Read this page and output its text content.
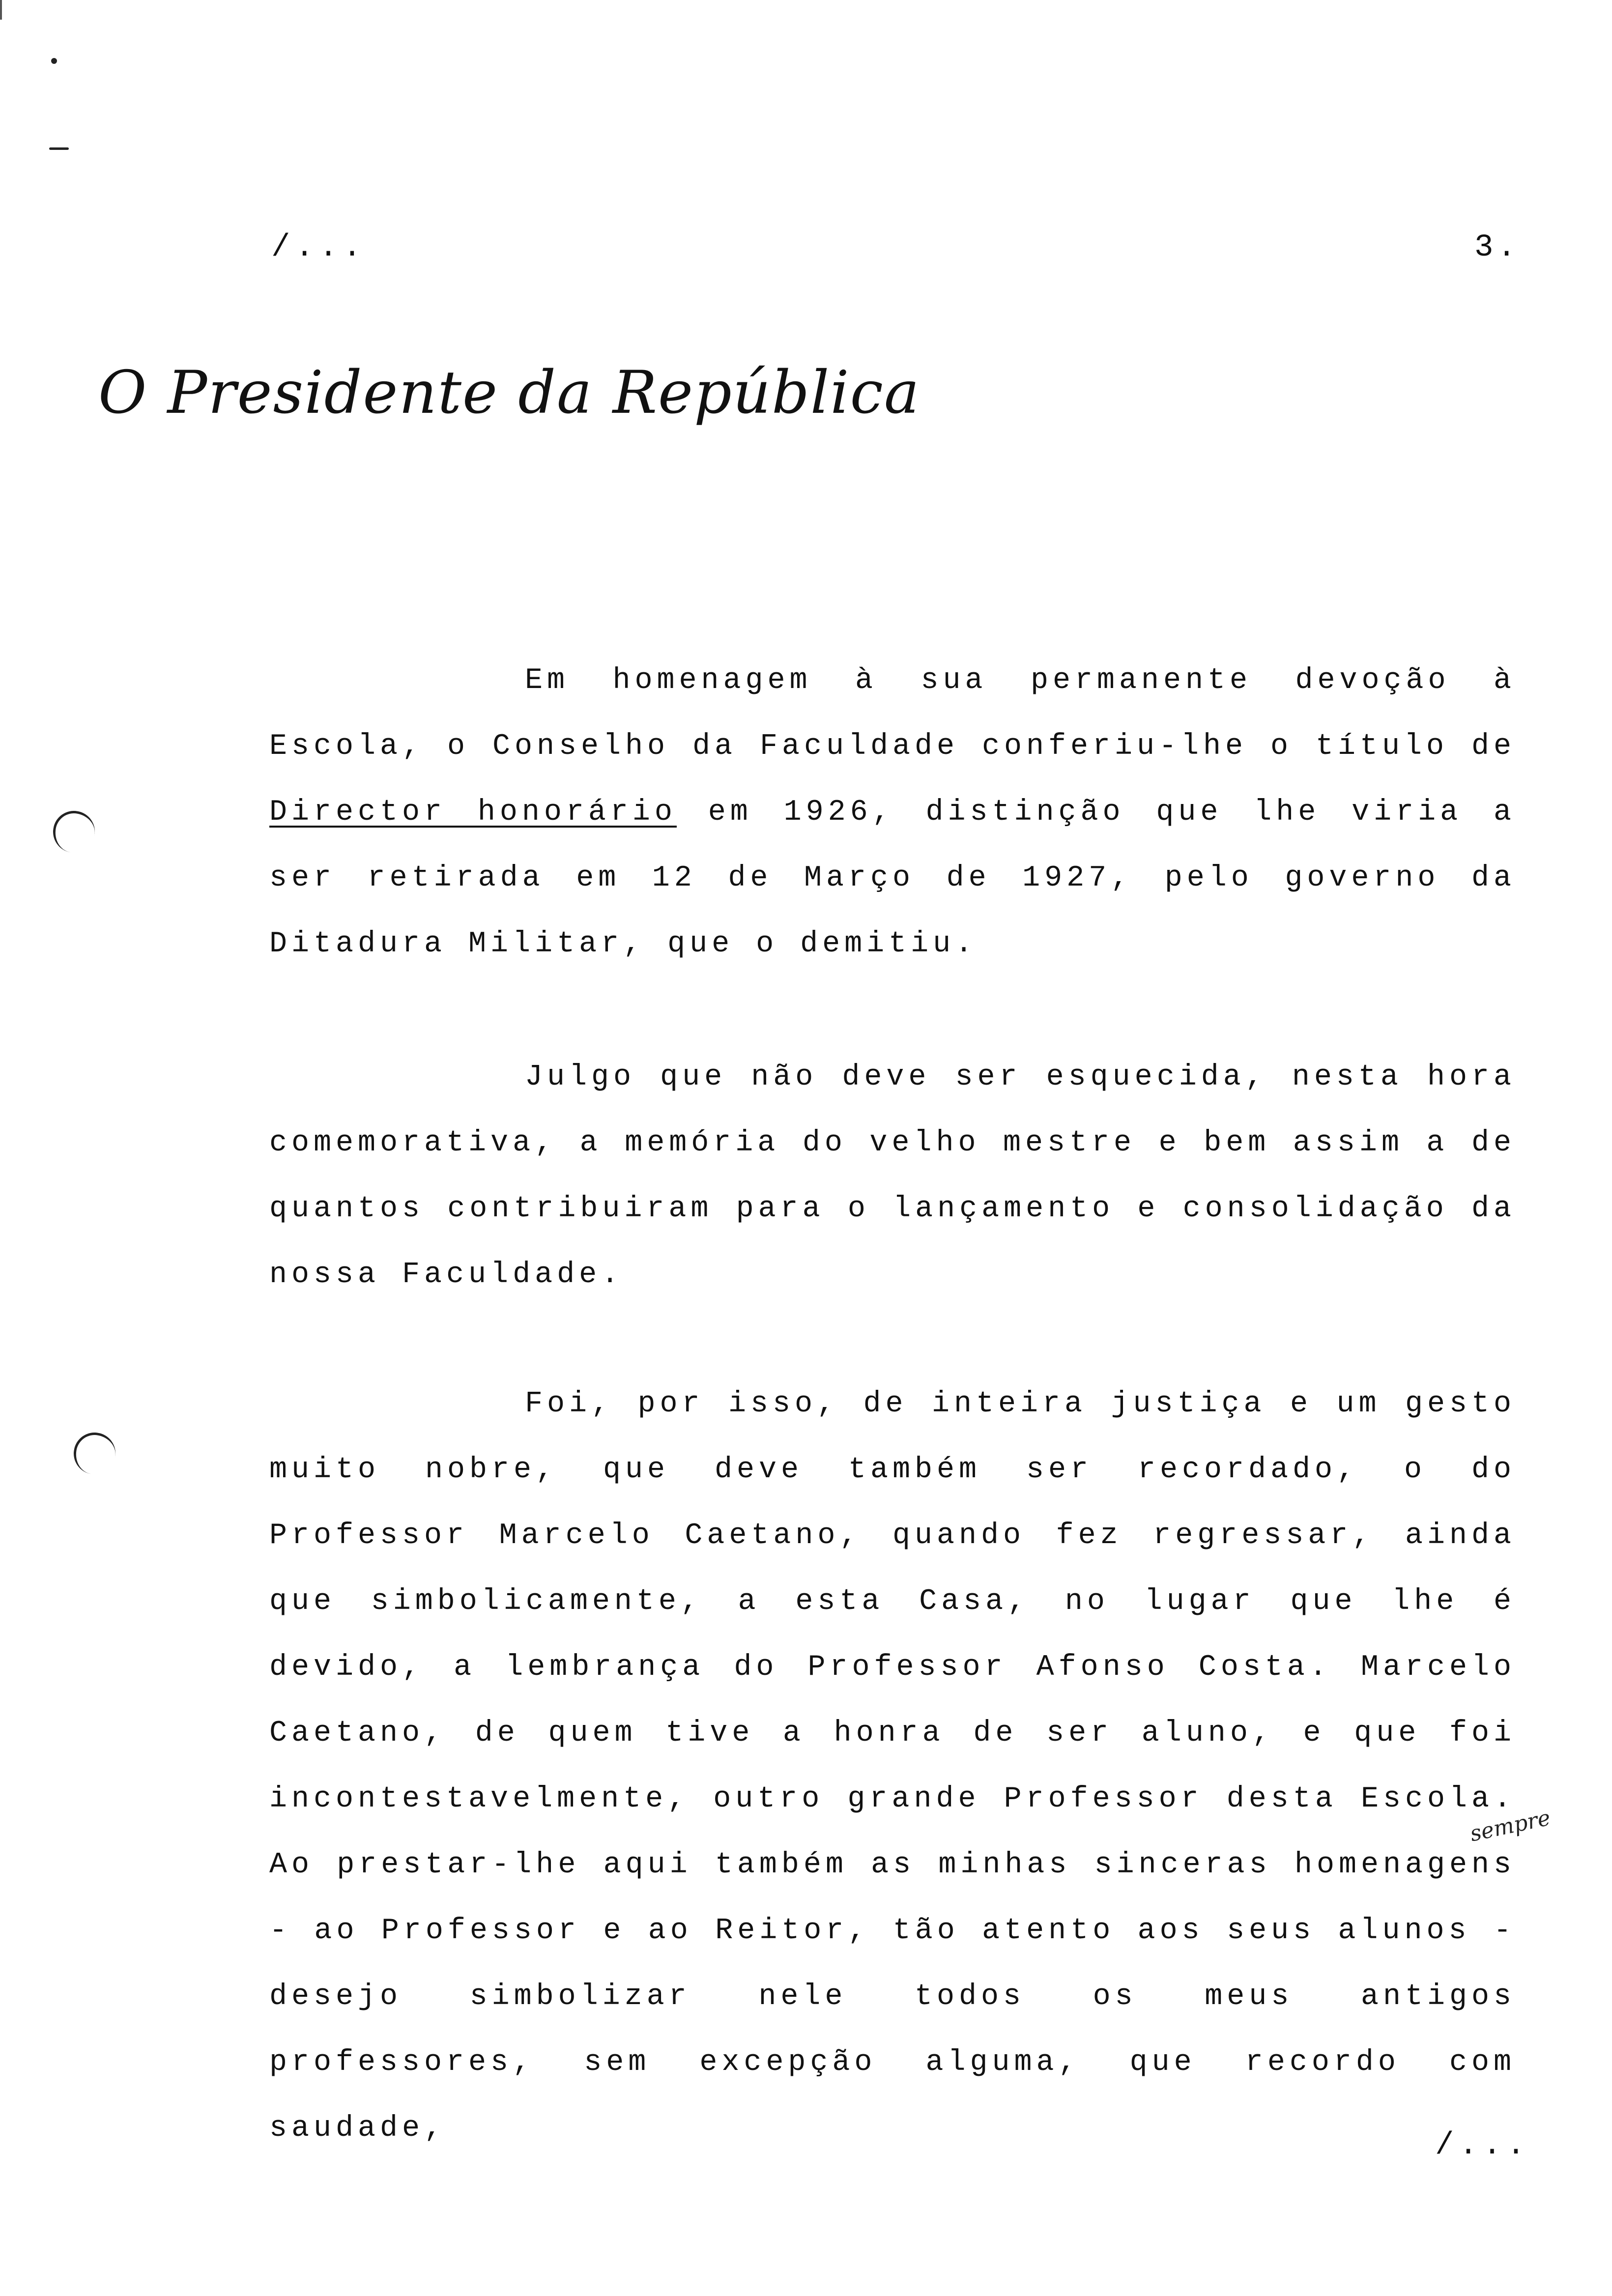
/...	3.
O Presidente da República

Em homenagem à sua permanente devoção à Escola, o Conselho da Faculdade conferiu-lhe o título de Director honorário em 1926, distinção que lhe viria a ser retirada em 12 de Março de 1927, pelo governo da Ditadura Militar, que o demitiu.

Julgo que não deve ser esquecida, nesta hora comemorativa, a memória do velho mestre e bem assim a de quantos contribuiram para o lançamento e consolidação da nossa Faculdade.

Foi, por isso, de inteira justiça e um gesto muito nobre, que deve também ser recordado, o do Professor Marcelo Caetano, quando fez regressar, ainda que simbolicamente, a esta Casa, no lugar que lhe é devido, a lembrança do Professor Afonso Costa. Marcelo Caetano, de quem tive a honra de ser aluno, e que foi incontestavelmente, outro grande Professor desta Escola. Ao prestar-lhe aqui também as minhas sinceras homenagens - ao Professor e ao Reitor, tão atento aos seus alunos - desejo simbolizar nele todos os meus antigos professores, sem excepção alguma, que recordo com saudade,

sempre
/...
